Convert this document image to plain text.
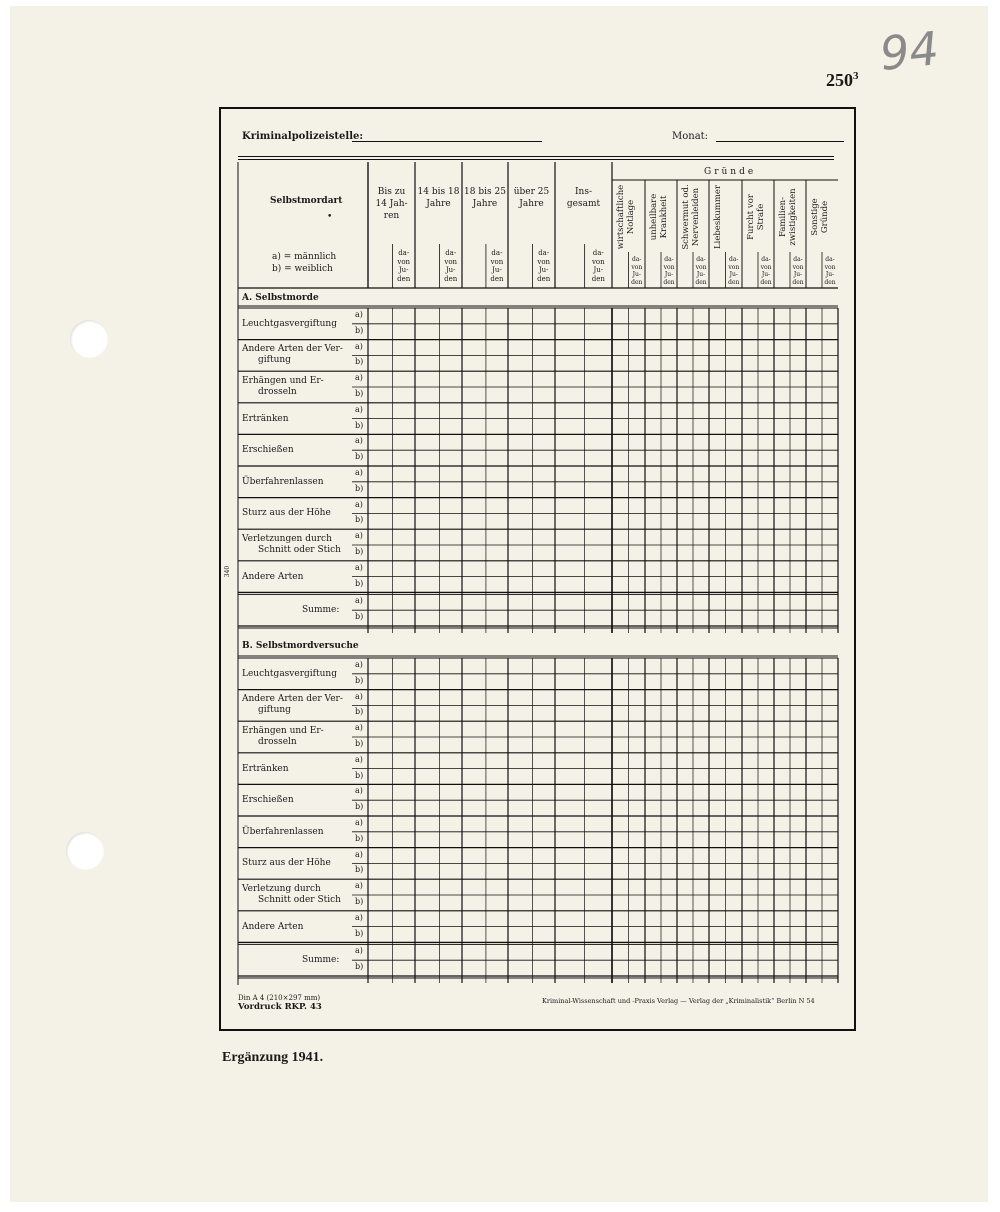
94
$250^3$
Kriminalpolizeistelle:	Monat:
Selbstmordart
•
a) = männlich
b) = weiblich
Bis zu
14 Jah-
ren
da-
von
Ju-
den
14 bis 18
Jahre
da-
von
Ju-
den
18 bis 25
Jahre
da-
von
Ju-
den
über 25
Jahre
da-
von
Ju-
den
Ins-
gesamt
da-
von
Ju-
den
Gründe
wirtschaftliche Notlage
da-
von
Ju-
den
unheilbare Krankheit
da-
von
Ju-
den
Schwermut od. Nervenleiden
da-
von
Ju-
den
Liebeskummer
da-
von
Ju-
den
Furcht vor Strafe
da-
von
Ju-
den
Familien- zwistigkeiten
da-
von
Ju-
den
Sonstige Gründe
da-
von
Ju-
den
A. Selbstmorde
Leuchtgasvergiftung
a)
b)
Andere Arten der Ver-
giftung
a)
b)
Erhängen und Er-
drosseln
a)
b)
Ertränken
a)
b)
Erschießen
a)
b)
Überfahrenlassen
a)
b)
Sturz aus der Höhe
a)
b)
Verletzungen durch
Schnitt oder Stich
a)
b)
Andere Arten
a)
b)
Summe:
a)
b)
B. Selbstmordversuche
Leuchtgasvergiftung
a)
b)
Andere Arten der Ver-
giftung
a)
b)
Erhängen und Er-
drosseln
a)
b)
Ertränken
a)
b)
Erschießen
a)
b)
Überfahrenlassen
a)
b)
Sturz aus der Höhe
a)
b)
Verletzung durch
Schnitt oder Stich
a)
b)
Andere Arten
a)
b)
Summe:
a)
b)
Din A 4 (210×297 mm)
Vordruck RKP. 43
Kriminal-Wissenschaft und -Praxis Verlag — Verlag der „Kriminalistik“ Berlin N 54
340
Ergänzung 1941.
